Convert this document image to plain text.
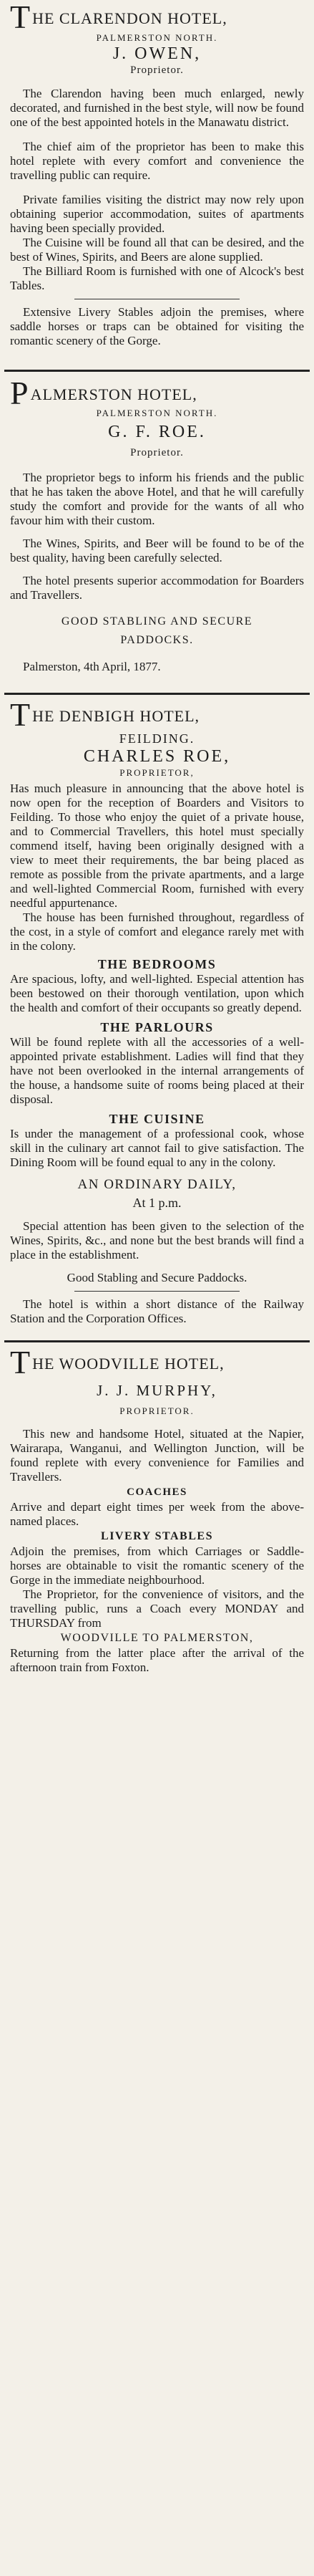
THE CLARENDON HOTEL,
PALMERSTON NORTH.
J. OWEN,
Proprietor.

The Clarendon having been much enlarged, newly decorated, and furnished in the best style, will now be found one of the best appointed hotels in the Manawatu district.

The chief aim of the proprietor has been to make this hotel replete with every comfort and convenience the travelling public can require.

Private families visiting the district may now rely upon obtaining superior accommodation, suites of apartments having been specially provided.

The Cuisine will be found all that can be desired, and the best of Wines, Spirits, and Beers are alone supplied.

The Billiard Room is furnished with one of Alcock's best Tables.

Extensive Livery Stables adjoin the premises, where saddle horses or traps can be obtained for visiting the romantic scenery of the Gorge.

PALMERSTON HOTEL,
PALMERSTON NORTH.
G. F. ROE.
Proprietor.

The proprietor begs to inform his friends and the public that he has taken the above Hotel, and that he will carefully study the comfort and provide for the wants of all who favour him with their custom.

The Wines, Spirits, and Beer will be found to be of the best quality, having been carefully selected.

The hotel presents superior accommodation for Boarders and Travellers.

GOOD STABLING AND SECURE PADDOCKS.

Palmerston, 4th April, 1877.

THE DENBIGH HOTEL,
FEILDING.
CHARLES ROE,
PROPRIETOR,

Has much pleasure in announcing that the above hotel is now open for the reception of Boarders and Visitors to Feilding. To those who enjoy the quiet of a private house, and to Commercial Travellers, this hotel must specially commend itself, having been originally designed with a view to meet their requirements, the bar being placed as remote as possible from the private apartments, and a large and well-lighted Commercial Room, furnished with every needful appurtenance.

The house has been furnished throughout, regardless of the cost, in a style of comfort and elegance rarely met with in the colony.

THE BEDROOMS

Are spacious, lofty, and well-lighted. Especial attention has been bestowed on their thorough ventilation, upon which the health and comfort of their occupants so greatly depend.

THE PARLOURS

Will be found replete with all the accessories of a well-appointed private establishment. Ladies will find that they have not been overlooked in the internal arrangements of the house, a handsome suite of rooms being placed at their disposal.

THE CUISINE

Is under the management of a professional cook, whose skill in the culinary art cannot fail to give satisfaction. The Dining Room will be found equal to any in the colony.

AN ORDINARY DAILY,
At 1 p.m.

Special attention has been given to the selection of the Wines, Spirits, &c., and none but the best brands will find a place in the establishment.

Good Stabling and Secure Paddocks.

The hotel is within a short distance of the Railway Station and the Corporation Offices.

THE WOODVILLE HOTEL,
J. J. MURPHY,
PROPRIETOR.

This new and handsome Hotel, situated at the Napier, Wairarapa, Wanganui, and Wellington Junction, will be found replete with every convenience for Families and Travellers.

COACHES

Arrive and depart eight times per week from the above-named places.

LIVERY STABLES

Adjoin the premises, from which Carriages or Saddle-horses are obtainable to visit the romantic scenery of the Gorge in the immediate neighbourhood.

The Proprietor, for the convenience of visitors, and the travelling public, runs a Coach every MONDAY and THURSDAY from

WOODVILLE TO PALMERSTON,

Returning from the latter place after the arrival of the afternoon train from Foxton.
